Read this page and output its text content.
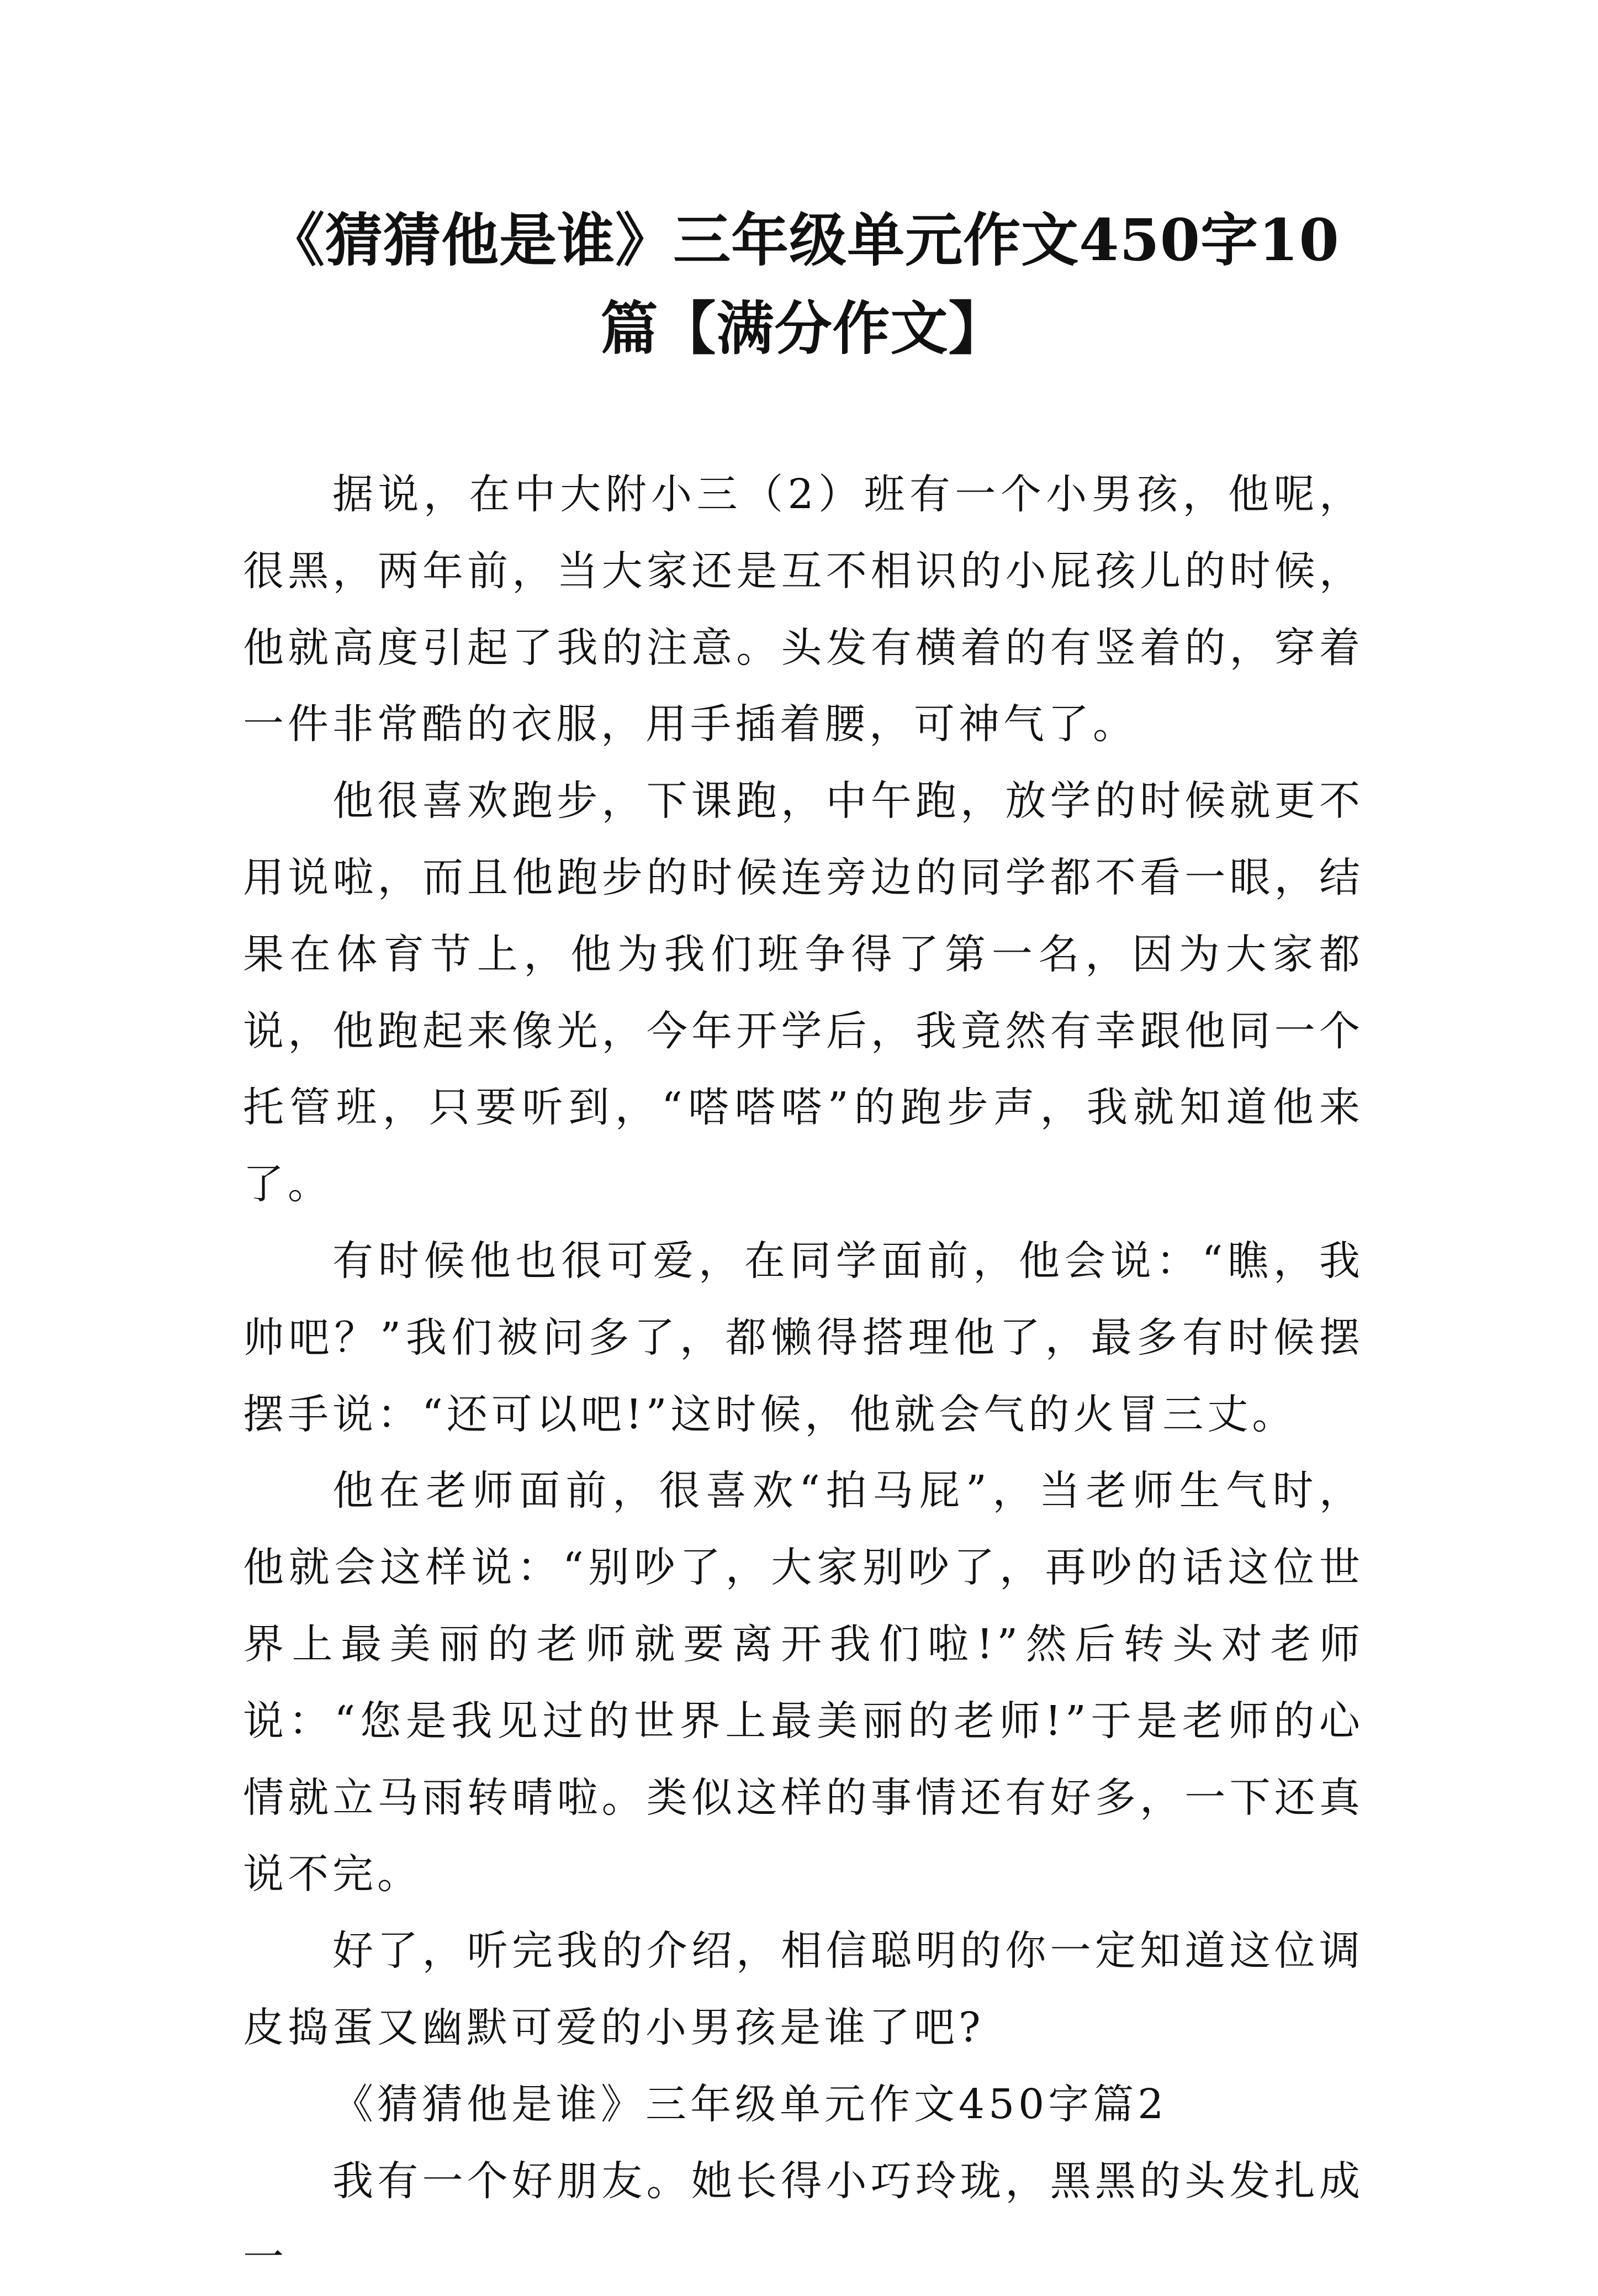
《猜猜他是谁》三年级单元作文450字10篇【满分作文】

据说，在中大附小三（2）班有一个小男孩，他呢，很黑，两年前，当大家还是互不相识的小屁孩儿的时候，他就高度引起了我的注意。头发有横着的有竖着的，穿着一件非常酷的衣服，用手插着腰，可神气了。

他很喜欢跑步，下课跑，中午跑，放学的时候就更不用说啦，而且他跑步的时候连旁边的同学都不看一眼，结果在体育节上，他为我们班争得了第一名，因为大家都说，他跑起来像光，今年开学后，我竟然有幸跟他同一个托管班，只要听到，“嗒嗒嗒”的跑步声，我就知道他来了。

有时候他也很可爱，在同学面前，他会说：“瞧，我帅吧？”我们被问多了，都懒得搭理他了，最多有时候摆摆手说：“还可以吧!”这时候，他就会气的火冒三丈。

他在老师面前，很喜欢“拍马屁”，当老师生气时，他就会这样说：“别吵了，大家别吵了，再吵的话这位世界上最美丽的老师就要离开我们啦!”然后转头对老师说：“您是我见过的世界上最美丽的老师!”于是老师的心情就立马雨转晴啦。类似这样的事情还有好多，一下还真说不完。

好了，听完我的介绍，相信聪明的你一定知道这位调皮捣蛋又幽默可爱的小男孩是谁了吧?

《猜猜他是谁》三年级单元作文450字篇2

我有一个好朋友。她长得小巧玲珑，黑黑的头发扎成一
